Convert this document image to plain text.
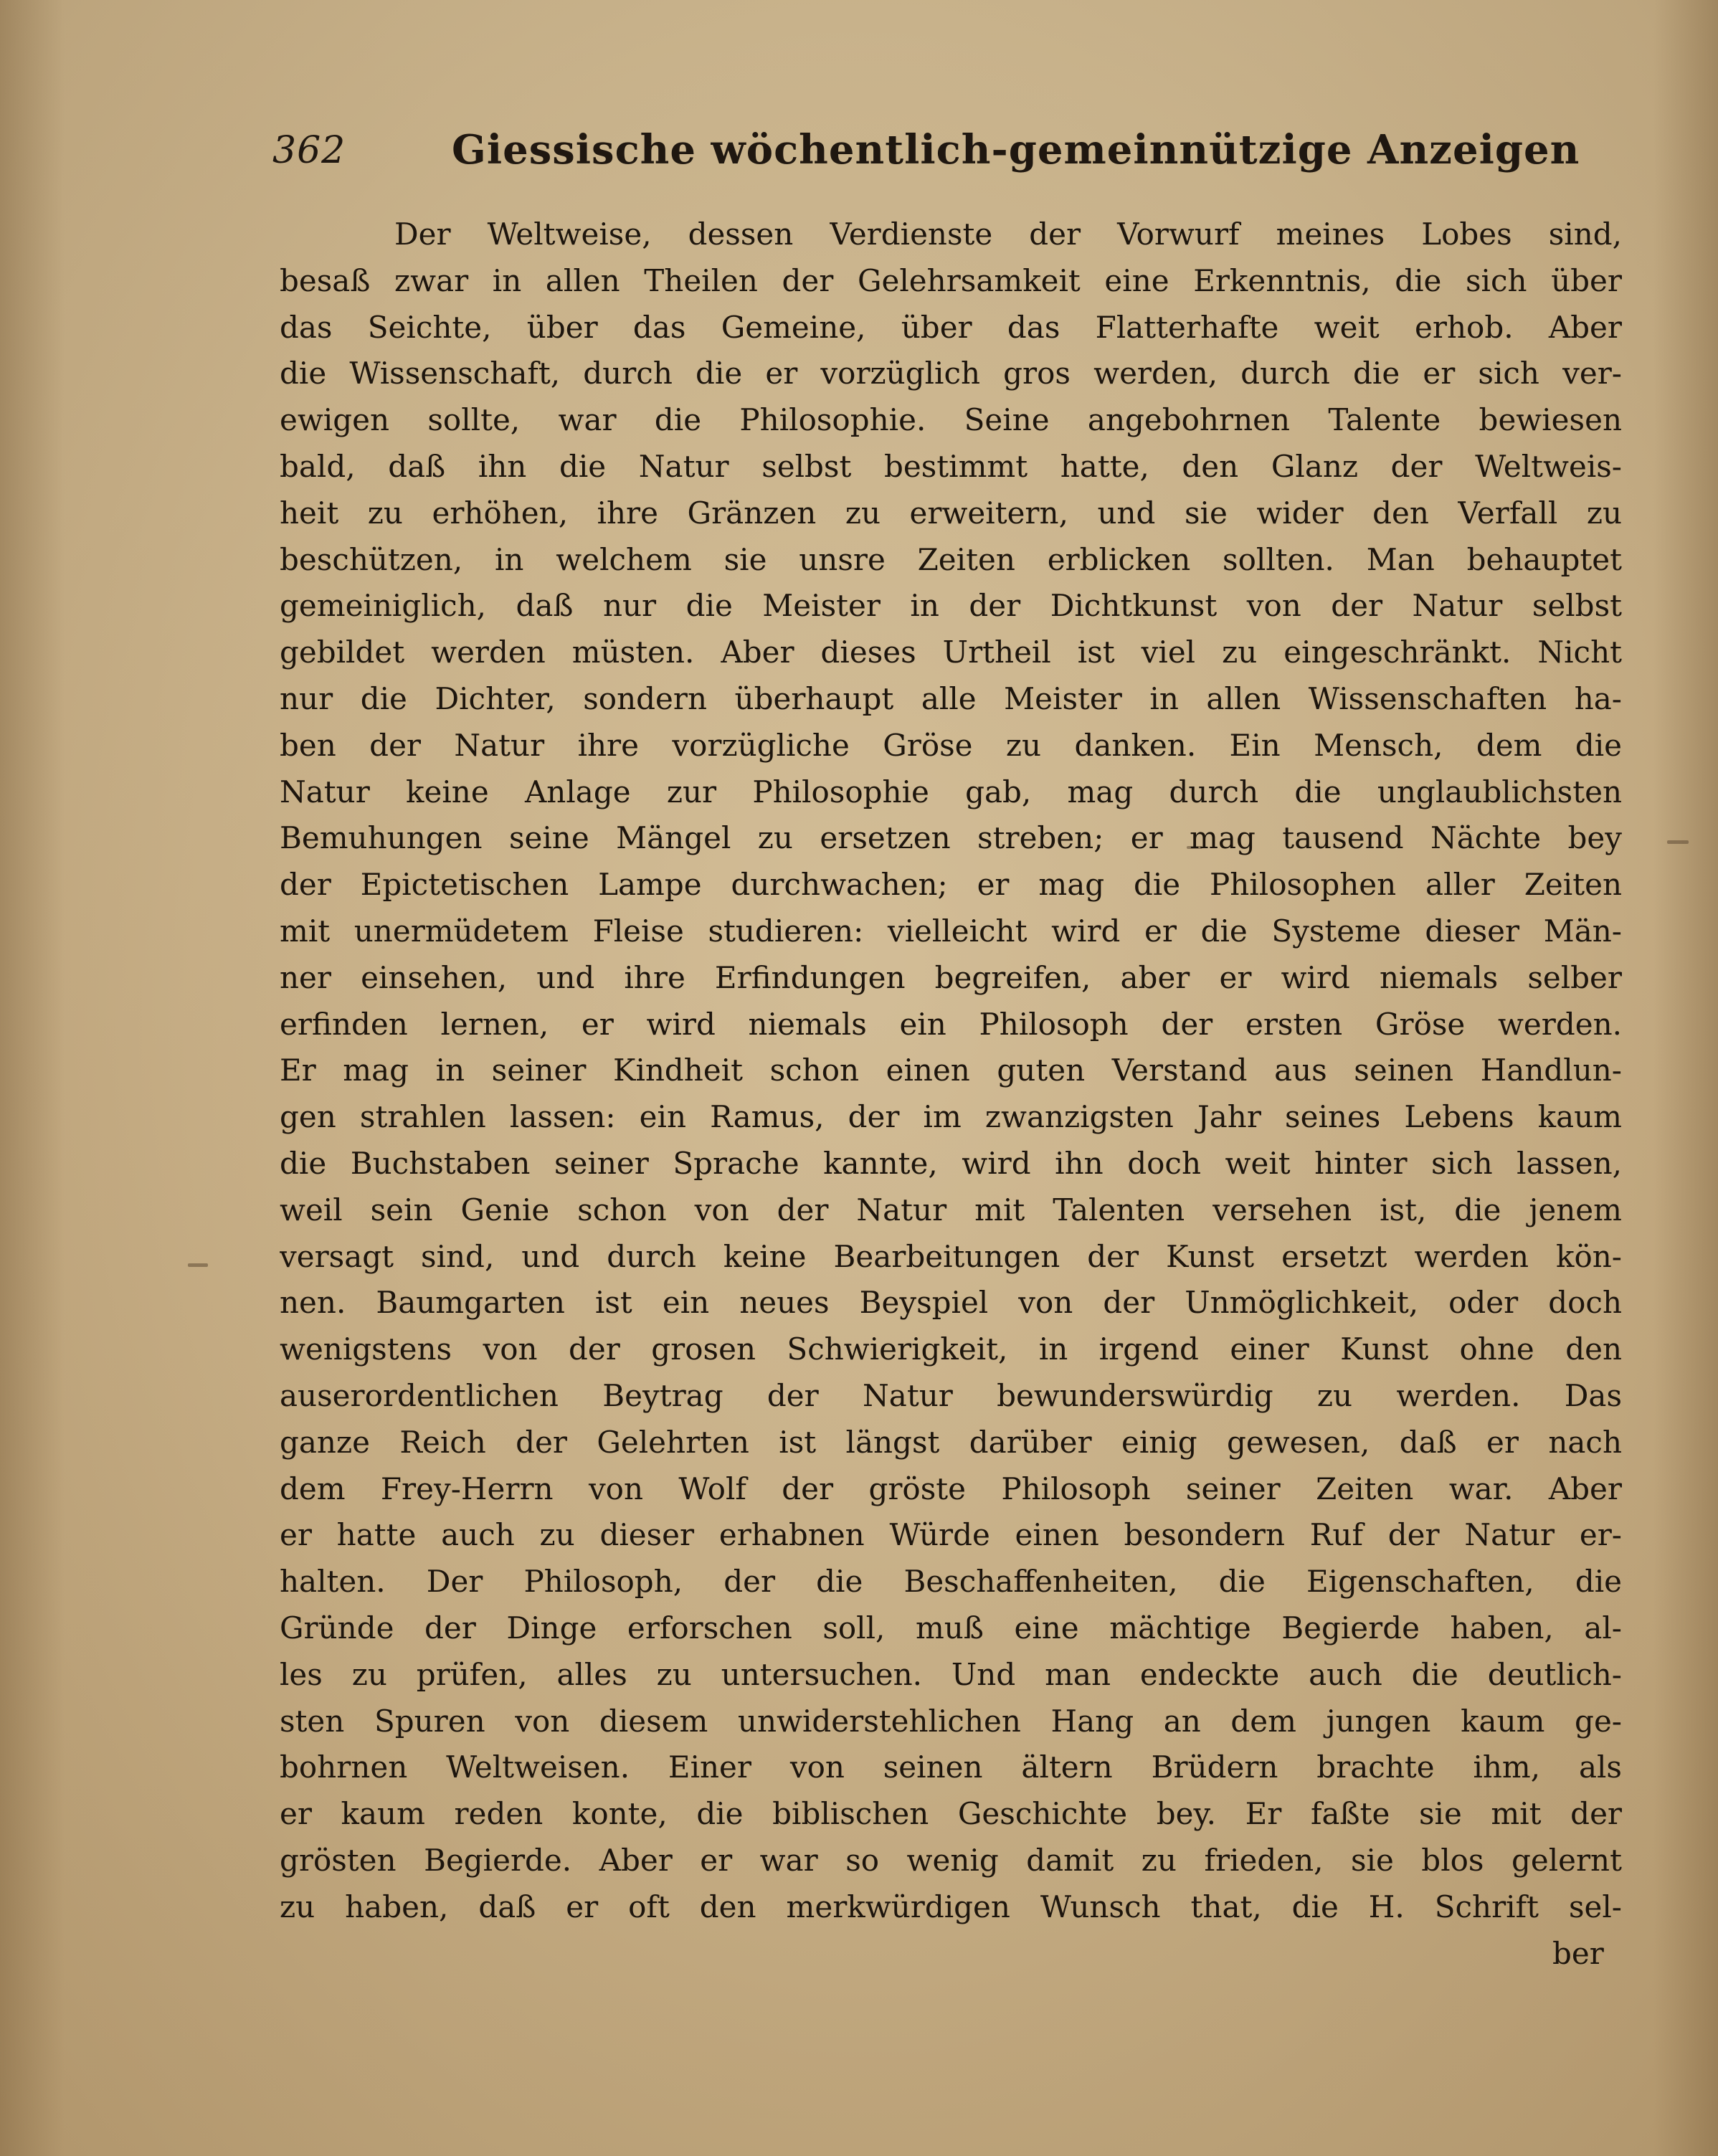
362	Giessische wöchentlich-gemeinnützige Anzeigen
Der Weltweise, dessen Verdienste der Vorwurf meines Lobes sind,
besaß zwar in allen Theilen der Gelehrsamkeit eine Erkenntnis, die sich über
das Seichte, über das Gemeine, über das Flatterhafte weit erhob. Aber
die Wissenschaft, durch die er vorzüglich gros werden, durch die er sich ver-
ewigen sollte, war die Philosophie. Seine angebohrnen Talente bewiesen
bald, daß ihn die Natur selbst bestimmt hatte, den Glanz der Weltweis-
heit zu erhöhen, ihre Gränzen zu erweitern, und sie wider den Verfall zu
beschützen, in welchem sie unsre Zeiten erblicken sollten. Man behauptet
gemeiniglich, daß nur die Meister in der Dichtkunst von der Natur selbst
gebildet werden müsten. Aber dieses Urtheil ist viel zu eingeschränkt. Nicht
nur die Dichter, sondern überhaupt alle Meister in allen Wissenschaften ha-
ben der Natur ihre vorzügliche Gröse zu danken. Ein Mensch, dem die
Natur keine Anlage zur Philosophie gab, mag durch die unglaublichsten
Bemuhungen seine Mängel zu ersetzen streben; er mag tausend Nächte bey
der Epictetischen Lampe durchwachen; er mag die Philosophen aller Zeiten
mit unermüdetem Fleise studieren: vielleicht wird er die Systeme dieser Män-
ner einsehen, und ihre Erfindungen begreifen, aber er wird niemals selber
erfinden lernen, er wird niemals ein Philosoph der ersten Gröse werden.
Er mag in seiner Kindheit schon einen guten Verstand aus seinen Handlun-
gen strahlen lassen: ein Ramus, der im zwanzigsten Jahr seines Lebens kaum
die Buchstaben seiner Sprache kannte, wird ihn doch weit hinter sich lassen,
weil sein Genie schon von der Natur mit Talenten versehen ist, die jenem
versagt sind, und durch keine Bearbeitungen der Kunst ersetzt werden kön-
nen. Baumgarten ist ein neues Beyspiel von der Unmöglichkeit, oder doch
wenigstens von der grosen Schwierigkeit, in irgend einer Kunst ohne den
auserordentlichen Beytrag der Natur bewunderswürdig zu werden. Das
ganze Reich der Gelehrten ist längst darüber einig gewesen, daß er nach
dem Frey-Herrn von Wolf der gröste Philosoph seiner Zeiten war. Aber
er hatte auch zu dieser erhabnen Würde einen besondern Ruf der Natur er-
halten. Der Philosoph, der die Beschaffenheiten, die Eigenschaften, die
Gründe der Dinge erforschen soll, muß eine mächtige Begierde haben, al-
les zu prüfen, alles zu untersuchen. Und man endeckte auch die deutlich-
sten Spuren von diesem unwiderstehlichen Hang an dem jungen kaum ge-
bohrnen Weltweisen. Einer von seinen ältern Brüdern brachte ihm, als
er kaum reden konte, die biblischen Geschichte bey. Er faßte sie mit der
grösten Begierde. Aber er war so wenig damit zu frieden, sie blos gelernt
zu haben, daß er oft den merkwürdigen Wunsch that, die H. Schrift sel-
ber
